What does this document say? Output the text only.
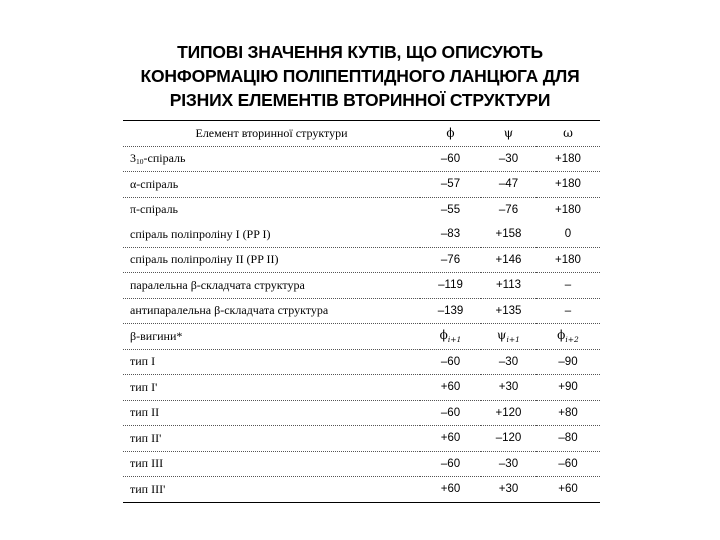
ТИПОВІ ЗНАЧЕННЯ КУТІВ, ЩО ОПИСУЮТЬ
КОНФОРМАЦІЮ ПОЛІПЕПТИДНОГО ЛАНЦЮГА ДЛЯ
РІЗНИХ ЕЛЕМЕНТІВ ВТОРИННОЇ СТРУКТУРИ
Елемент вторинної структури	ϕ	ψ	ω
$3_{10}$-спіраль	–60	–30	+180
α-спіраль	–57	–47	+180
π-спіраль	–55	–76	+180
спіраль поліпроліну I (PP I)	–83	+158	0
спіраль поліпроліну II (PP II)	–76	+146	+180
паралельна β-складчата структура	–119	+113	–
антипаралельна β-складчата структура	–139	+135	–
β-вигини*	$\phi_{i+1}$	$\psi_{i+1}$	$\phi_{i+2}$
тип I	–60	–30	–90
тип I'	+60	+30	+90
тип II	–60	+120	+80
тип II'	+60	–120	–80
тип III	–60	–30	–60
тип III'	+60	+30	+60
